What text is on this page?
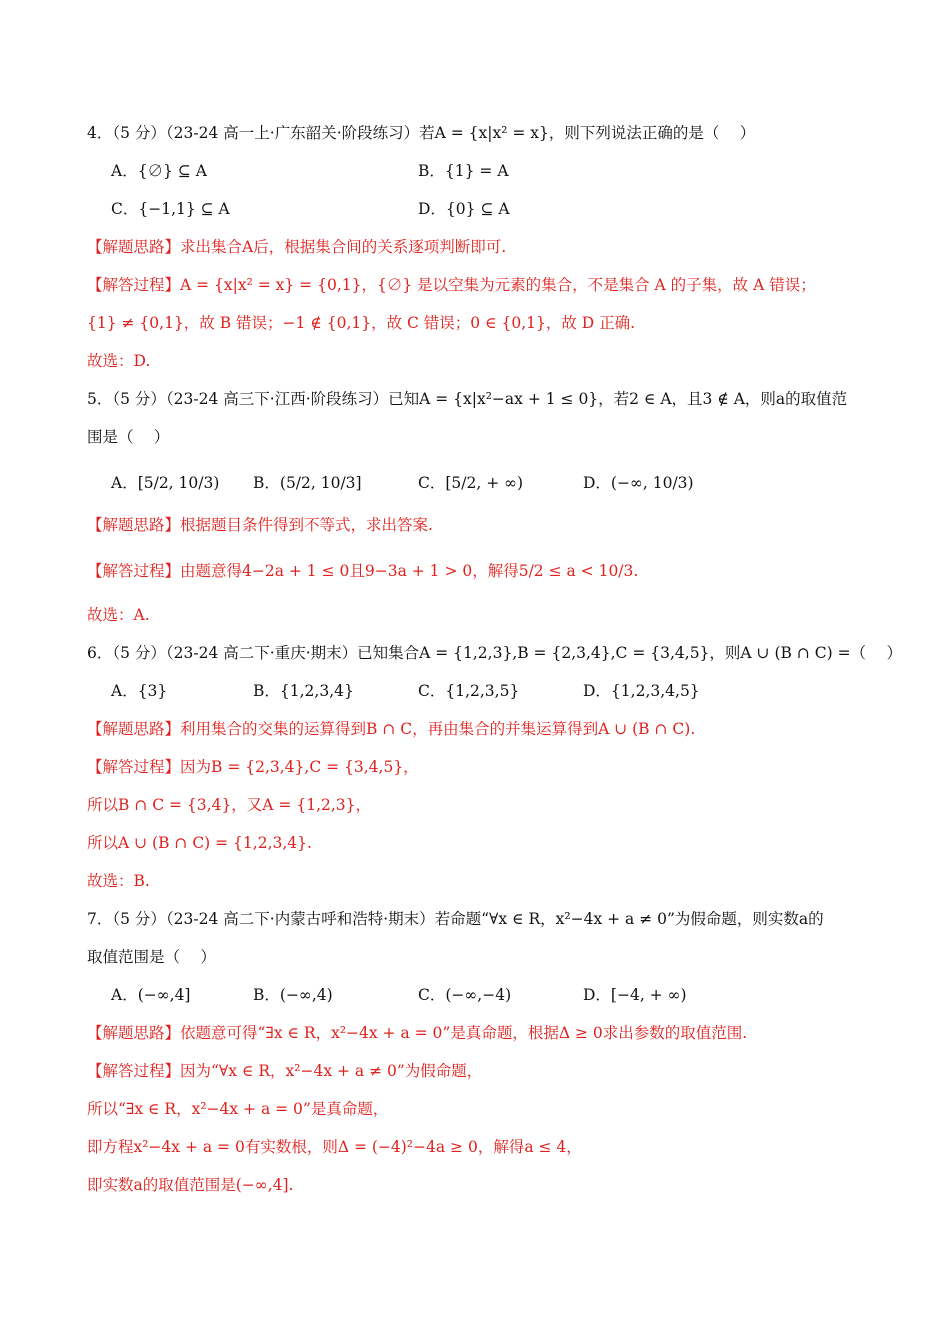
4．（5 分）（23-24 高一上·广东韶关·阶段练习）若A = {x|x² = x}，则下列说法正确的是（　 ）
A．{∅} ⊆ A	B．{1} = A
C．{−1,1} ⊆ A	D．{0} ⊆ A
【解题思路】求出集合A后，根据集合间的关系逐项判断即可.
【解答过程】A = {x|x² = x} = {0,1}，{∅} 是以空集为元素的集合，不是集合 A 的子集，故 A 错误；
{1} ≠ {0,1}，故 B 错误；−1 ∉ {0,1}，故 C 错误；0 ∈ {0,1}，故 D 正确.
故选：D.
5．（5 分）（23-24 高三下·江西·阶段练习）已知A = {x|x²−ax + 1 ≤ 0}，若2 ∈ A，且3 ∉ A，则a的取值范
围是（　 ）
A．[5/2, 10/3) B．(5/2, 10/3]	C．[5/2, + ∞)	D．(−∞, 10/3)
【解题思路】根据题目条件得到不等式，求出答案.
【解答过程】由题意得4−2a + 1 ≤ 0且9−3a + 1 > 0，解得5/2 ≤ a < 10/3.
故选：A.
6．（5 分）（23-24 高二下·重庆·期末）已知集合A = {1,2,3},B = {2,3,4},C = {3,4,5}，则A ∪ (B ∩ C) =（　 ）
A．{3}	B．{1,2,3,4}	C．{1,2,3,5}	D．{1,2,3,4,5}
【解题思路】利用集合的交集的运算得到B ∩ C，再由集合的并集运算得到A ∪ (B ∩ C).
【解答过程】因为B = {2,3,4},C = {3,4,5}，
所以B ∩ C = {3,4}，又A = {1,2,3}，
所以A ∪ (B ∩ C) = {1,2,3,4}.
故选：B.
7．（5 分）（23-24 高二下·内蒙古呼和浩特·期末）若命题“∀x ∈ R，x²−4x + a ≠ 0”为假命题，则实数a的
取值范围是（　 ）
A．(−∞,4]	B．(−∞,4)	C．(−∞,−4)	D．[−4, + ∞)
【解题思路】依题意可得“∃x ∈ R，x²−4x + a = 0”是真命题，根据Δ ≥ 0求出参数的取值范围.
【解答过程】因为“∀x ∈ R，x²−4x + a ≠ 0”为假命题，
所以“∃x ∈ R，x²−4x + a = 0”是真命题，
即方程x²−4x + a = 0有实数根，则Δ = (−4)²−4a ≥ 0，解得a ≤ 4，
即实数a的取值范围是(−∞,4].
